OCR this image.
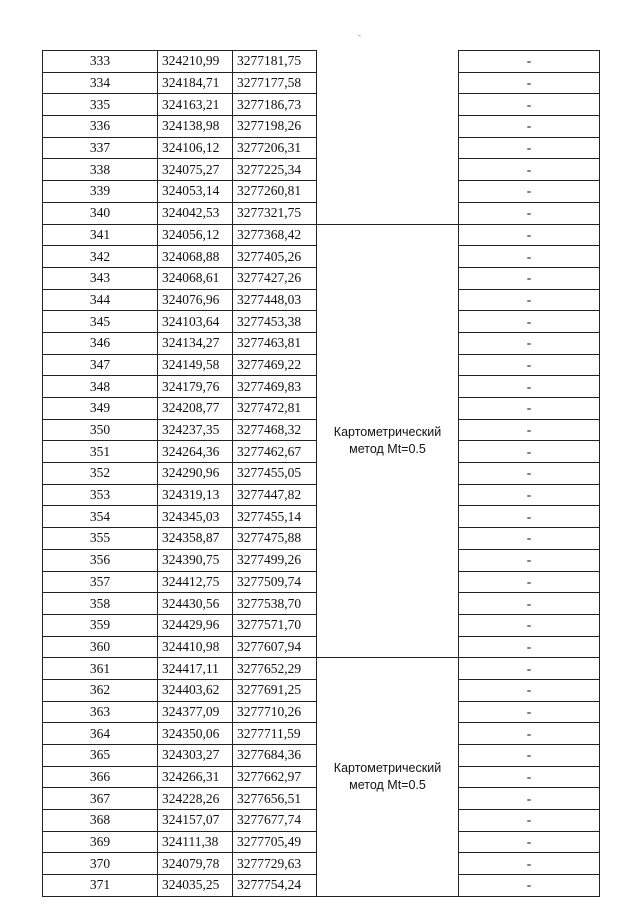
-
333	324210,99	3277181,75		-
334	324184,71	3277177,58		-
335	324163,21	3277186,73		-
336	324138,98	3277198,26		-
337	324106,12	3277206,31		-
338	324075,27	3277225,34		-
339	324053,14	3277260,81		-
340	324042,53	3277321,75		-
341	324056,12	3277368,42	Картометрический метод Mt=0.5	-
342	324068,88	3277405,26		-
343	324068,61	3277427,26		-
344	324076,96	3277448,03		-
345	324103,64	3277453,38		-
346	324134,27	3277463,81		-
347	324149,58	3277469,22		-
348	324179,76	3277469,83		-
349	324208,77	3277472,81		-
350	324237,35	3277468,32		-
351	324264,36	3277462,67		-
352	324290,96	3277455,05		-
353	324319,13	3277447,82		-
354	324345,03	3277455,14		-
355	324358,87	3277475,88		-
356	324390,75	3277499,26		-
357	324412,75	3277509,74		-
358	324430,56	3277538,70		-
359	324429,96	3277571,70		-
360	324410,98	3277607,94		-
361	324417,11	3277652,29	Картометрический метод Mt=0.5	-
362	324403,62	3277691,25		-
363	324377,09	3277710,26		-
364	324350,06	3277711,59		-
365	324303,27	3277684,36		-
366	324266,31	3277662,97		-
367	324228,26	3277656,51		-
368	324157,07	3277677,74		-
369	324111,38	3277705,49		-
370	324079,78	3277729,63		-
371	324035,25	3277754,24		-
